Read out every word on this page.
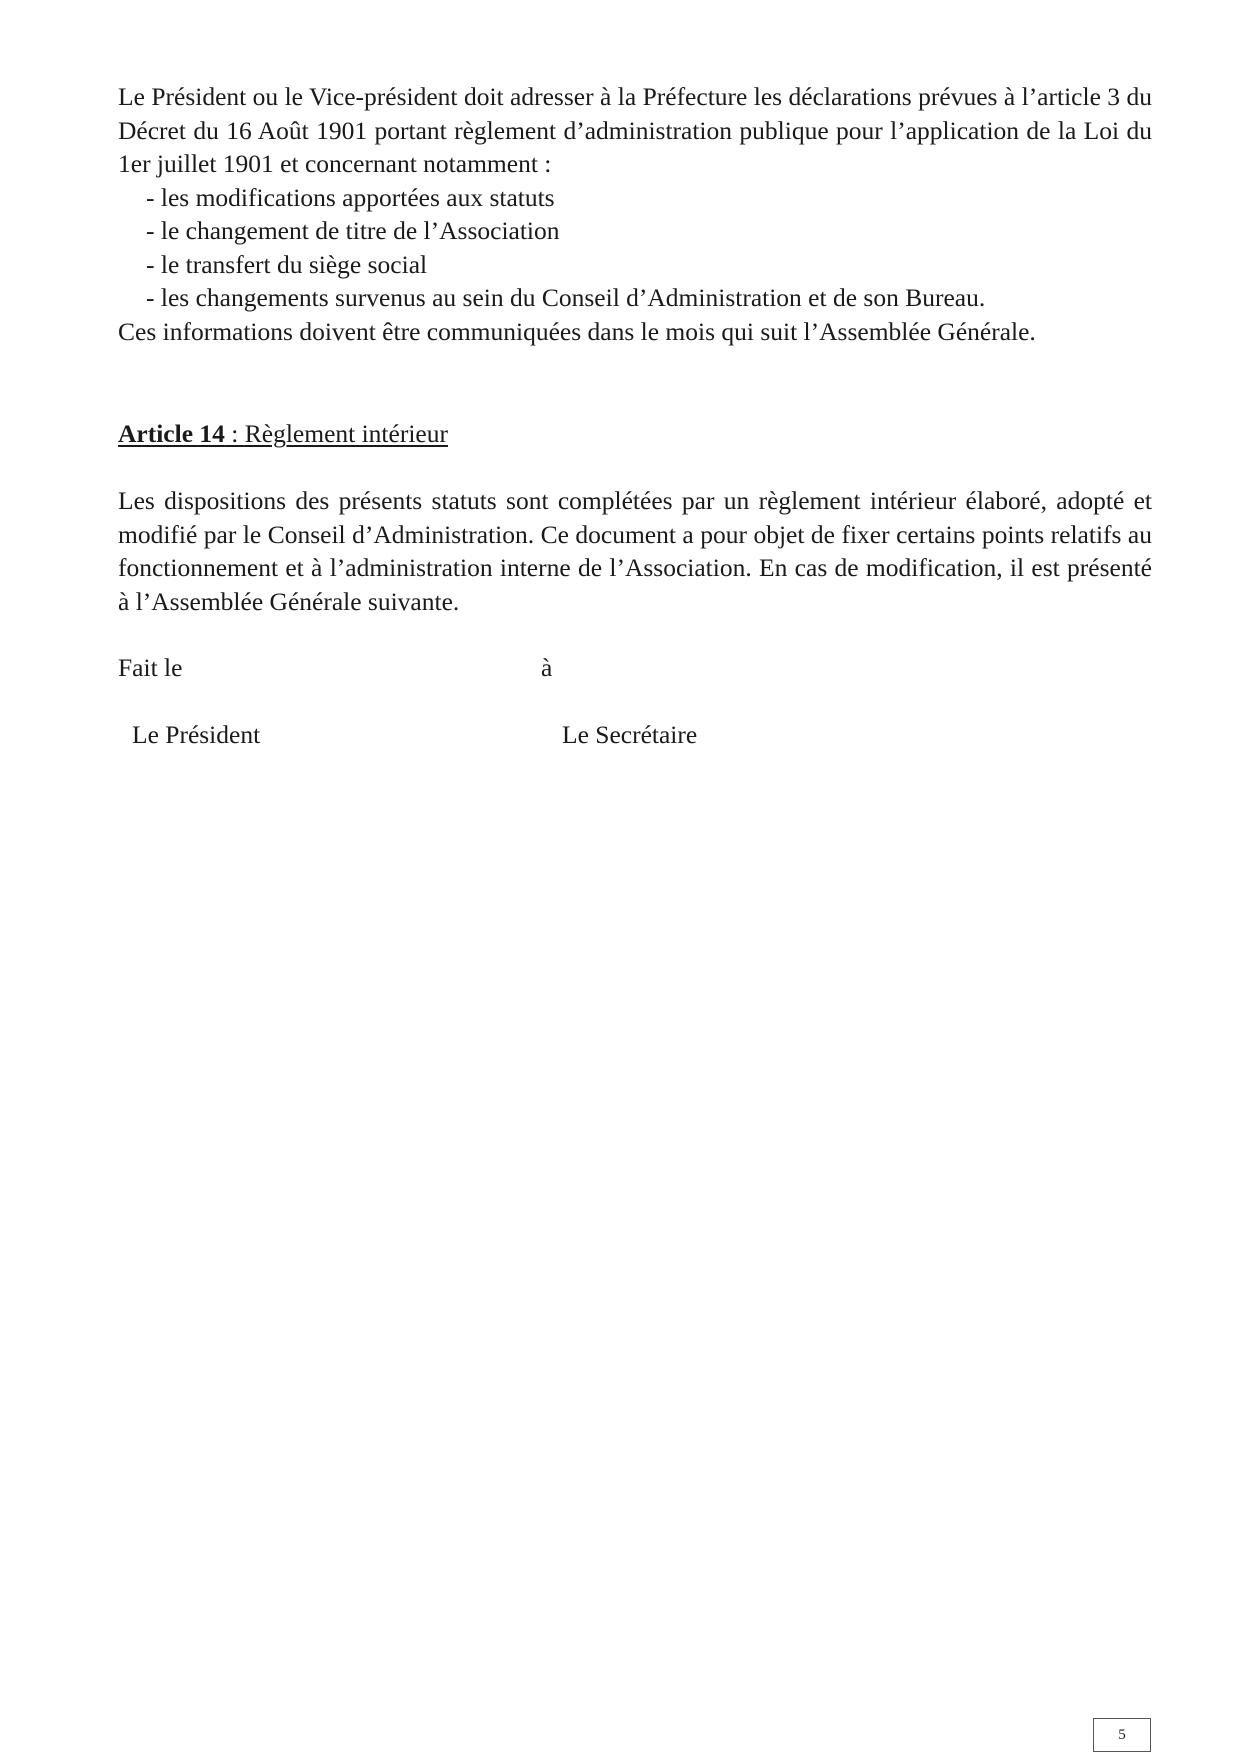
Le Président ou le Vice-président doit adresser à la Préfecture les déclarations prévues à l’article 3 du Décret du 16 Août 1901 portant règlement d’administration publique pour l’application de la Loi du 1er juillet 1901 et concernant notamment :
- les modifications apportées aux statuts
- le changement de titre de l’Association
- le transfert du siège social
- les changements survenus au sein du Conseil d’Administration et de son Bureau.
Ces informations doivent être communiquées dans le mois qui suit l’Assemblée Générale.
Article 14 : Règlement intérieur
Les dispositions des présents statuts sont complétées par un règlement intérieur élaboré, adopté et modifié par le Conseil d’Administration. Ce document a pour objet de fixer certains points relatifs au fonctionnement et à l’administration interne de l’Association. En cas de modification, il est présenté à l’Assemblée Générale suivante.
Fait le	à
Le Président	Le Secrétaire
5
